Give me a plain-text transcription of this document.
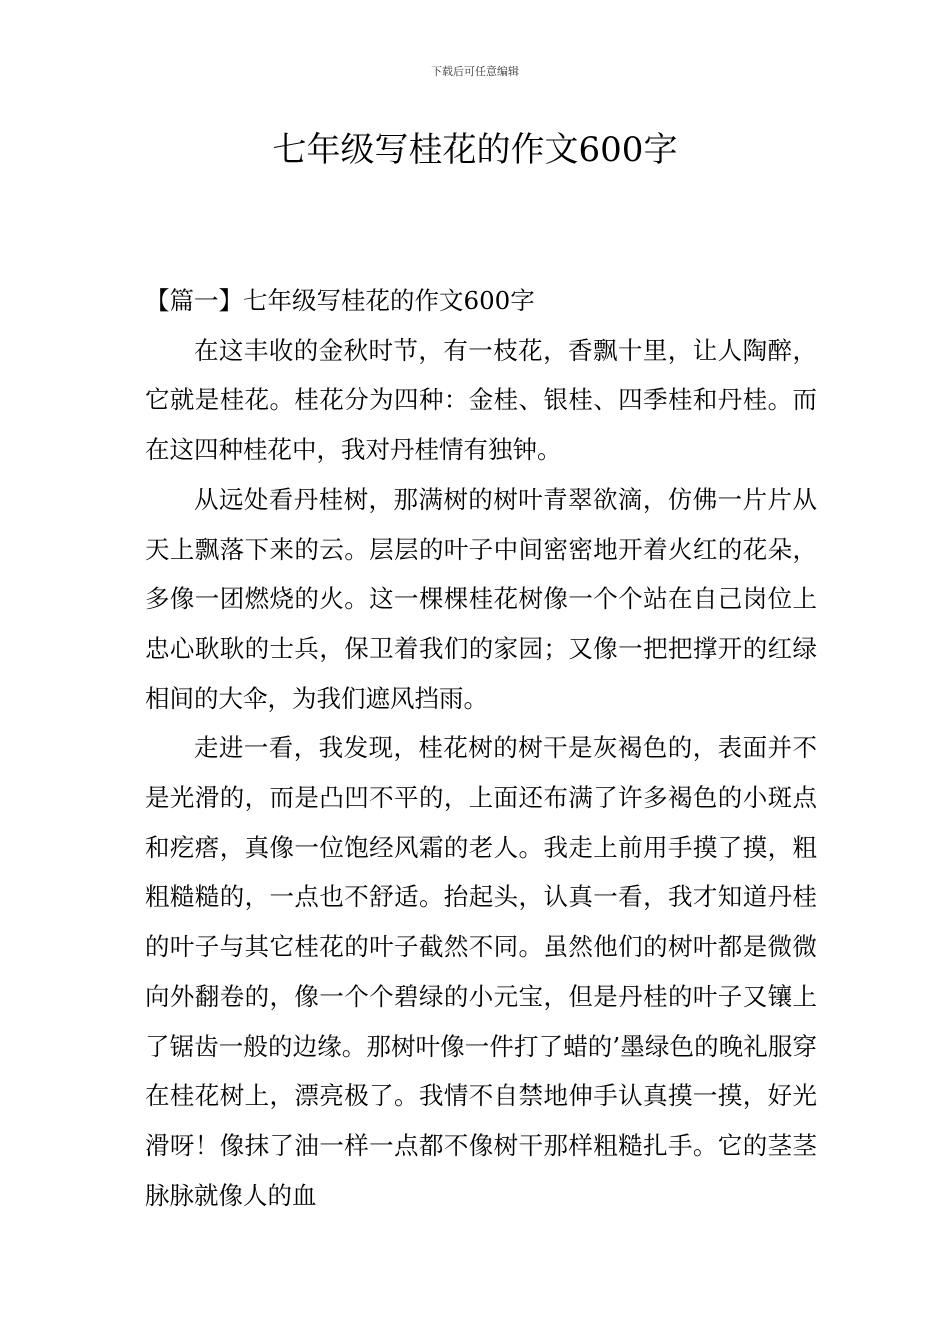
下载后可任意编辑
七年级写桂花的作文600字

【篇一】七年级写桂花的作文600字

在这丰收的金秋时节，有一枝花，香飘十里，让人陶醉，它就是桂花。桂花分为四种：金桂、银桂、四季桂和丹桂。而在这四种桂花中，我对丹桂情有独钟。

从远处看丹桂树，那满树的树叶青翠欲滴，仿佛一片片从天上飘落下来的云。层层的叶子中间密密地开着火红的花朵，多像一团燃烧的火。这一棵棵桂花树像一个个站在自己岗位上忠心耿耿的士兵，保卫着我们的家园；又像一把把撑开的红绿相间的大伞，为我们遮风挡雨。

走进一看，我发现，桂花树的树干是灰褐色的，表面并不是光滑的，而是凸凹不平的，上面还布满了许多褐色的小斑点和疙瘩，真像一位饱经风霜的老人。我走上前用手摸了摸，粗粗糙糙的，一点也不舒适。抬起头，认真一看，我才知道丹桂的叶子与其它桂花的叶子截然不同。虽然他们的树叶都是微微向外翻卷的，像一个个碧绿的小元宝，但是丹桂的叶子又镶上了锯齿一般的边缘。那树叶像一件打了蜡的’墨绿色的晚礼服穿在桂花树上，漂亮极了。我情不自禁地伸手认真摸一摸，好光滑呀！像抹了油一样一点都不像树干那样粗糙扎手。它的茎茎脉脉就像人的血
